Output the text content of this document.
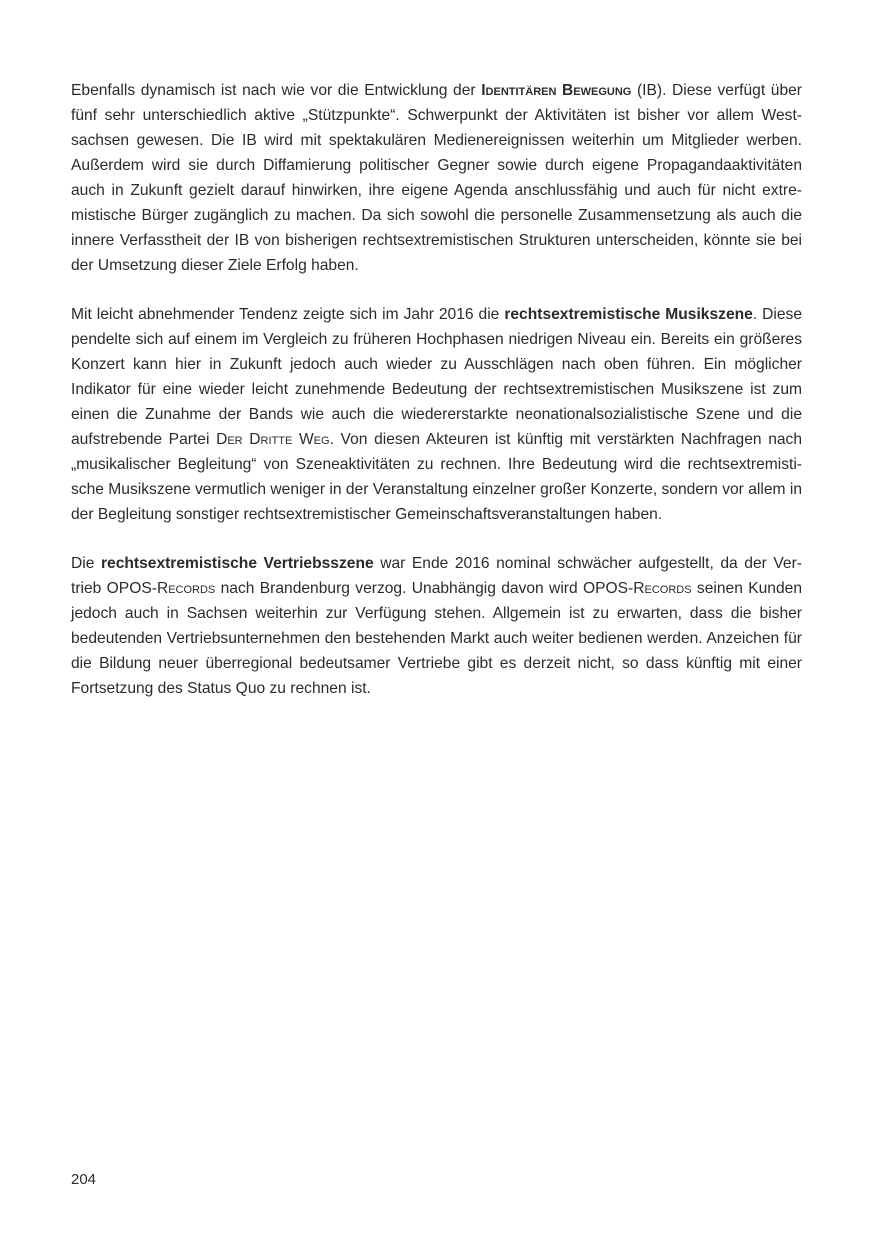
Ebenfalls dynamisch ist nach wie vor die Entwicklung der Identitären Bewegung (IB). Diese verfügt über fünf sehr unterschiedlich aktive „Stützpunkte“. Schwerpunkt der Aktivitäten ist bisher vor allem Westsachsen gewesen. Die IB wird mit spektakulären Medienereignissen weiterhin um Mitglieder werben. Außerdem wird sie durch Diffamierung politischer Gegner sowie durch eigene Propagandaaktivitäten auch in Zukunft gezielt darauf hinwirken, ihre eigene Agenda anschlussfähig und auch für nicht extremistische Bürger zugänglich zu machen. Da sich sowohl die personelle Zusammensetzung als auch die innere Verfasstheit der IB von bisherigen rechtsextremistischen Strukturen unterscheiden, könnte sie bei der Umsetzung dieser Ziele Erfolg haben.

Mit leicht abnehmender Tendenz zeigte sich im Jahr 2016 die rechtsextremistische Musikszene. Diese pendelte sich auf einem im Vergleich zu früheren Hochphasen niedrigen Niveau ein. Bereits ein größeres Konzert kann hier in Zukunft jedoch auch wieder zu Ausschlägen nach oben führen. Ein möglicher Indikator für eine wieder leicht zunehmende Bedeutung der rechtsextremistischen Musikszene ist zum einen die Zunahme der Bands wie auch die wiedererstarkte neonationalsozialistische Szene und die aufstrebende Partei Der Dritte Weg. Von diesen Akteuren ist künftig mit verstärkten Nachfragen nach „musikalischer Begleitung“ von Szeneaktivitäten zu rechnen. Ihre Bedeutung wird die rechtsextremistische Musikszene vermutlich weniger in der Veranstaltung einzelner großer Konzerte, sondern vor allem in der Begleitung sonstiger rechtsextremistischer Gemeinschaftsveranstaltungen haben.

Die rechtsextremistische Vertriebsszene war Ende 2016 nominal schwächer aufgestellt, da der Vertrieb OPOS-Records nach Brandenburg verzog. Unabhängig davon wird OPOS-Records seinen Kunden jedoch auch in Sachsen weiterhin zur Verfügung stehen. Allgemein ist zu erwarten, dass die bisher bedeutenden Vertriebsunternehmen den bestehenden Markt auch weiter bedienen werden. Anzeichen für die Bildung neuer überregional bedeutsamer Vertriebe gibt es derzeit nicht, so dass künftig mit einer Fortsetzung des Status Quo zu rechnen ist.

204
